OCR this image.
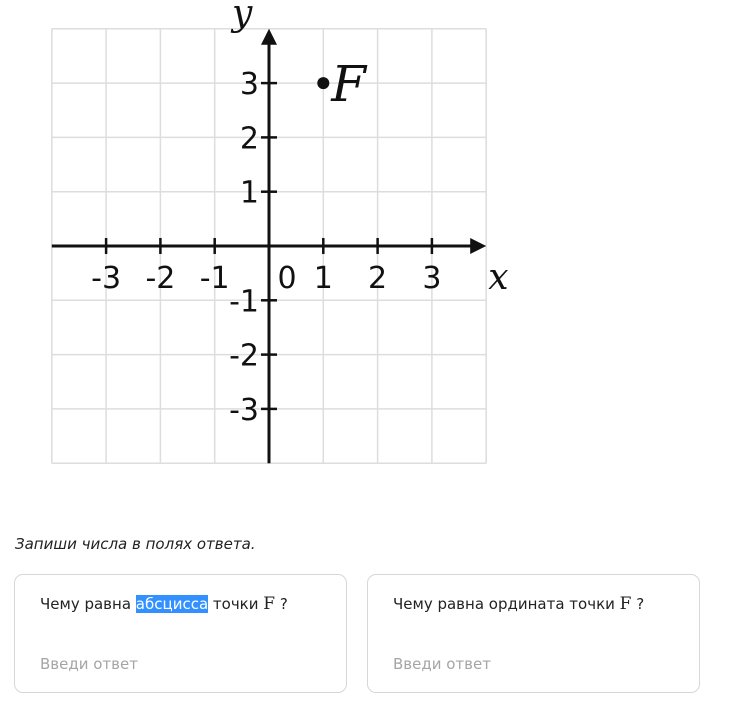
x
y
-3 -2 -1	1 2 3
-3
-2
-1
1
2
3
0
F
Запиши числа в полях ответа.
Чему равна абсцисса точки F ?
Введи ответ	Чему равна ордината точки F ?
Введи ответ
